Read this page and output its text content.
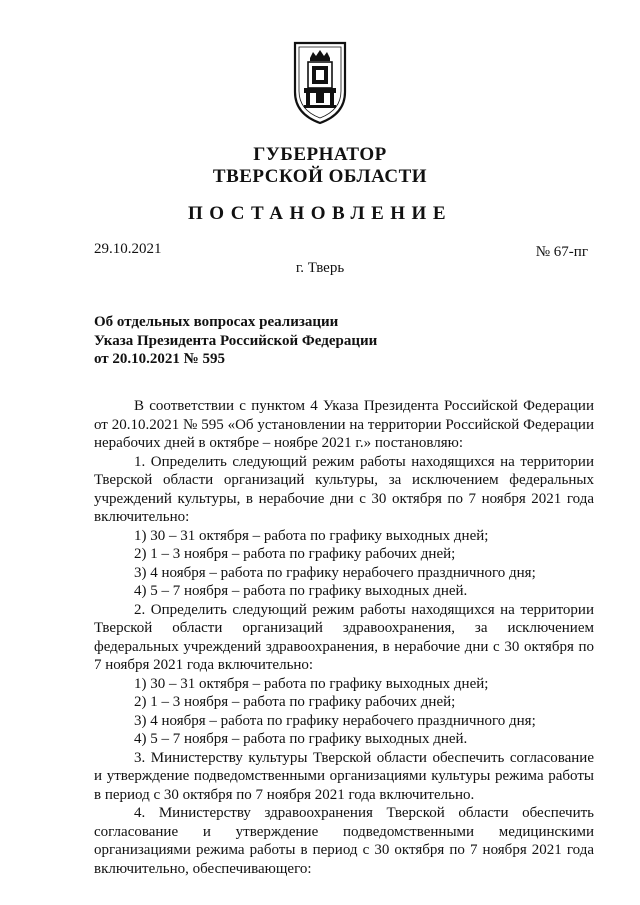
ГУБЕРНАТОР
ТВЕРСКОЙ ОБЛАСТИ
ПОСТАНОВЛЕНИЕ
29.10.2021	№ 67-пг
г. Тверь
Об отдельных вопросах реализации
Указа Президента Российской Федерации
от 20.10.2021 № 595

В соответствии с пунктом 4 Указа Президента Российской Федерации от 20.10.2021 № 595 «Об установлении на территории Российской Федерации нерабочих дней в октябре – ноябре 2021 г.» постановляю:

1. Определить следующий режим работы находящихся на территории Тверской области организаций культуры, за исключением федеральных учреждений культуры, в нерабочие дни с 30 октября по 7 ноября 2021 года включительно:

1) 30 – 31 октября – работа по графику выходных дней;

2) 1 – 3 ноября – работа по графику рабочих дней;

3) 4 ноября – работа по графику нерабочего праздничного дня;

4) 5 – 7 ноября – работа по графику выходных дней.

2. Определить следующий режим работы находящихся на территории Тверской области организаций здравоохранения, за исключением федеральных учреждений здравоохранения, в нерабочие дни с 30 октября по 7 ноября 2021 года включительно:

1) 30 – 31 октября – работа по графику выходных дней;

2) 1 – 3 ноября – работа по графику рабочих дней;

3) 4 ноября – работа по графику нерабочего праздничного дня;

4) 5 – 7 ноября – работа по графику выходных дней.

3. Министерству культуры Тверской области обеспечить согласование и утверждение подведомственными организациями культуры режима работы в период с 30 октября по 7 ноября 2021 года включительно.

4. Министерству здравоохранения Тверской области обеспечить согласование и утверждение подведомственными медицинскими организациями режима работы в период с 30 октября по 7 ноября 2021 года включительно, обеспечивающего:
